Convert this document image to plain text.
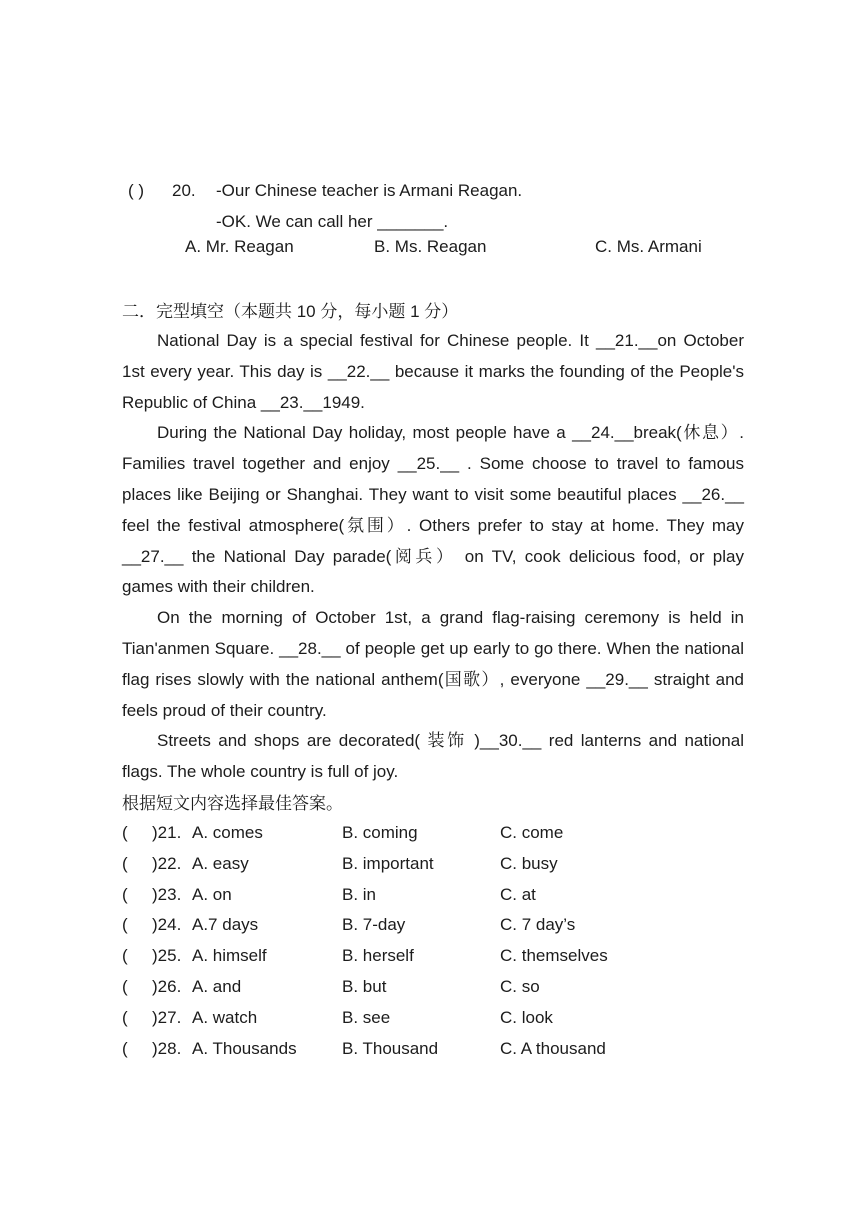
( ) 20. -Our Chinese teacher is Armani Reagan.
-OK. We can call her _______.
A. Mr. Reagan	B. Ms. Reagan	C. Ms. Armani
二．完型填空（本题共 10 分，每小题 1 分）

National Day is a special festival for Chinese people. It __21.__on October 1st every year. This day is __22.__ because it marks the founding of the People's Republic of China __23.__1949.

During the National Day holiday, most people have a __24.__break(休息）. Families travel together and enjoy __25.__ . Some choose to travel to famous places like Beijing or Shanghai. They want to visit some beautiful places __26.__ feel the festival atmosphere(氛围）. Others prefer to stay at home. They may __27.__ the National Day parade(阅兵） on TV, cook delicious food, or play games with their children.

On the morning of October 1st, a grand flag-raising ceremony is held in Tian'anmen Square. __28.__ of people get up early to go there. When the national flag rises slowly with the national anthem(国歌）, everyone __29.__ straight and feels proud of their country.

Streets and shops are decorated( 装饰 )__30.__ red lanterns and national flags. The whole country is full of joy.

根据短文内容选择最佳答案。
( )21. A. comes	B. coming	C. come
( )22. A. easy	B. important	C. busy
( )23. A. on	B. in	C. at
( )24. A.7 days	B. 7-day	C. 7 day’s
( )25. A. himself	B. herself	C. themselves
( )26. A. and	B. but	C. so
( )27. A. watch	B. see	C. look
( )28. A. Thousands	B. Thousand	C. A thousand
